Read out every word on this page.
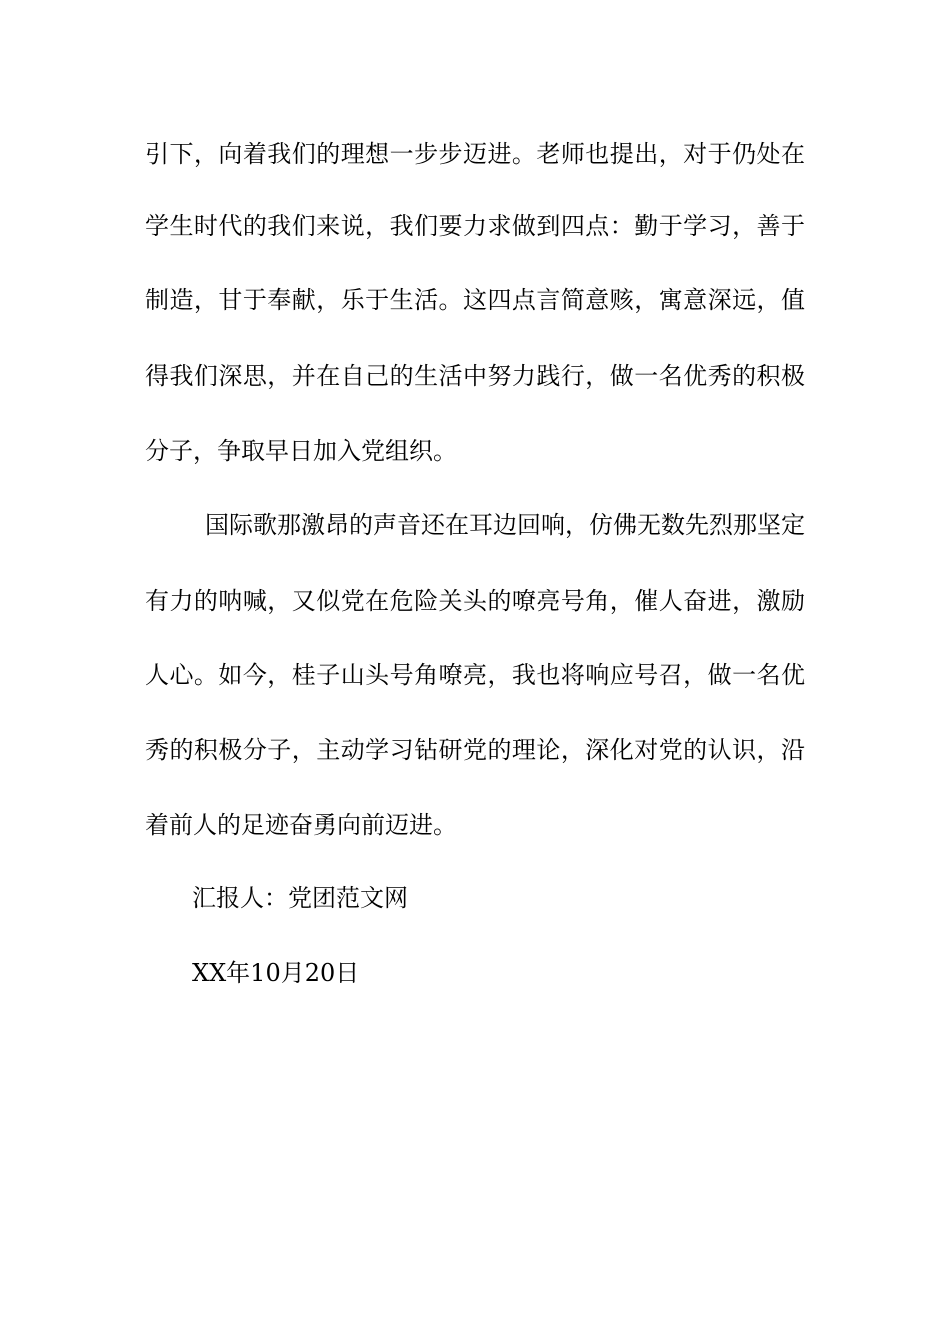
引下，向着我们的理想一步步迈进。老师也提出，对于仍处在
学生时代的我们来说，我们要力求做到四点：勤于学习，善于
制造，甘于奉献，乐于生活。这四点言简意赅，寓意深远，值
得我们深思，并在自己的生活中努力践行，做一名优秀的积极
分子，争取早日加入党组织。
国际歌那激昂的声音还在耳边回响，仿佛无数先烈那坚定
有力的呐喊，又似党在危险关头的嘹亮号角，催人奋进，激励
人心。如今，桂子山头号角嘹亮，我也将响应号召，做一名优
秀的积极分子，主动学习钻研党的理论，深化对党的认识，沿
着前人的足迹奋勇向前迈进。
汇报人：党团范文网
XX年10月20日
